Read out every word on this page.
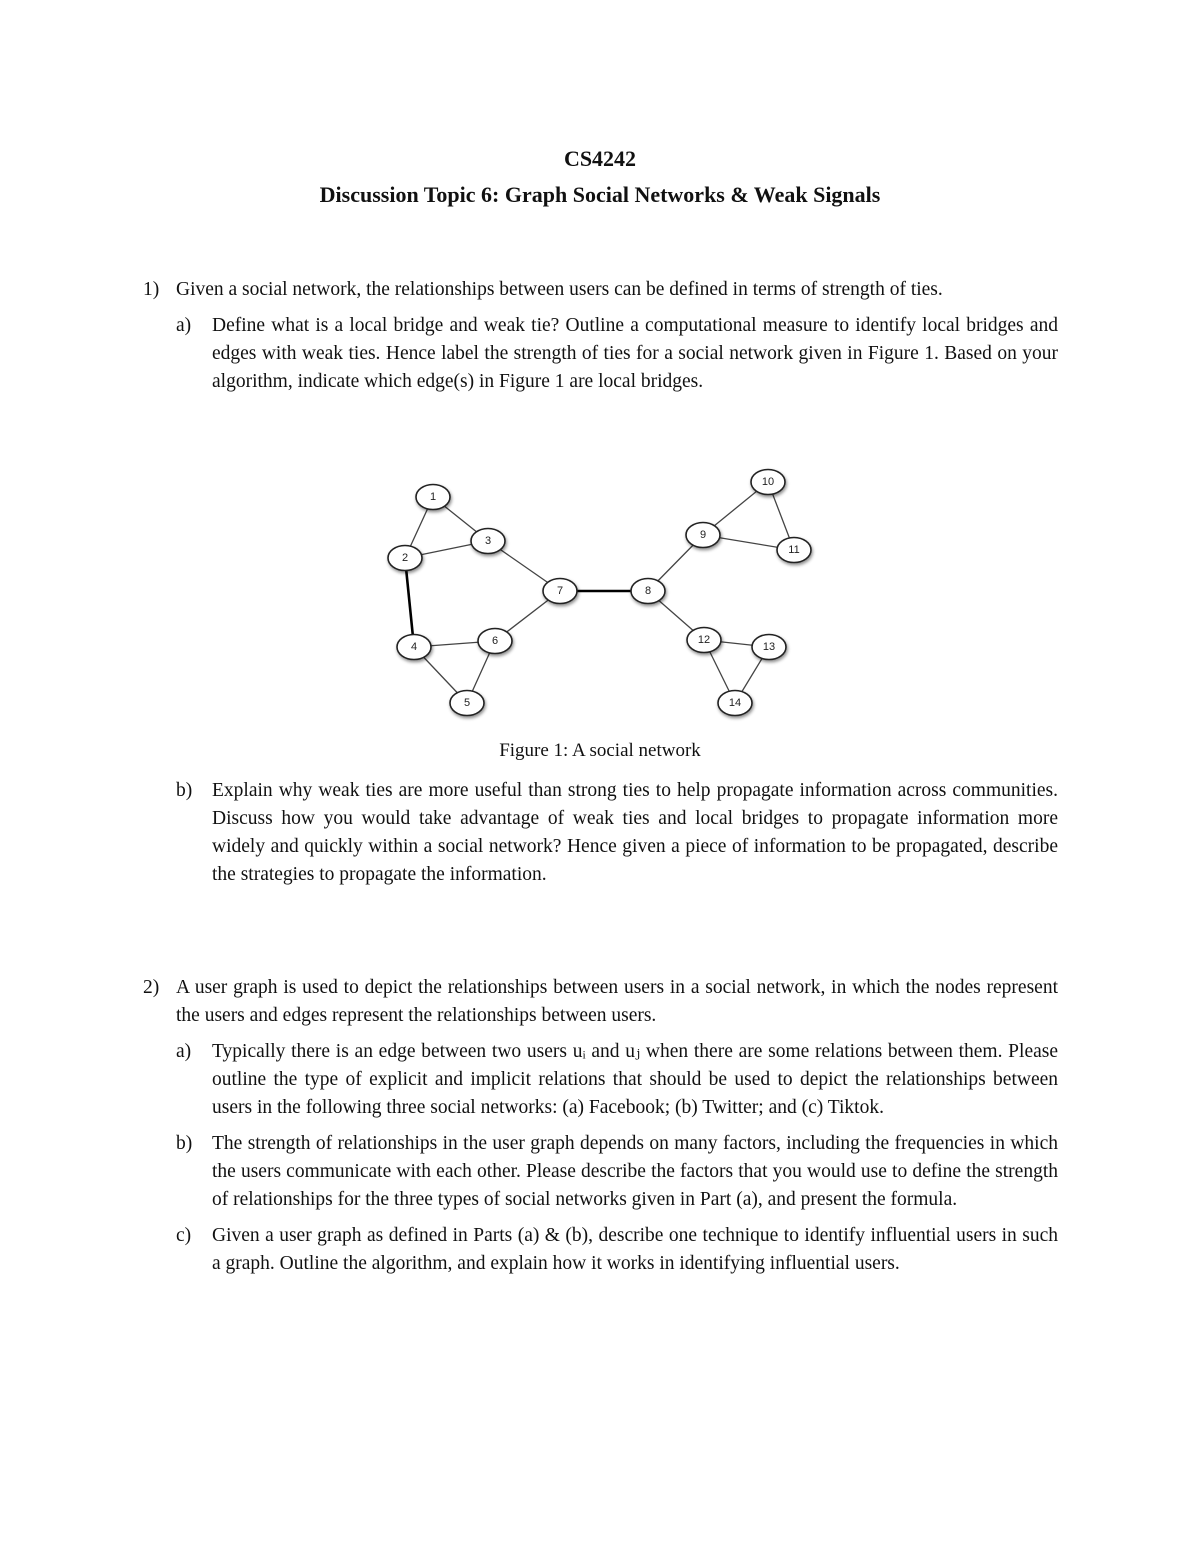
CS4242
Discussion Topic 6: Graph Social Networks & Weak Signals
1) Given a social network, the relationships between users can be defined in terms of strength of ties.
a) Define what is a local bridge and weak tie? Outline a computational measure to identify local bridges and edges with weak ties. Hence label the strength of ties for a social network given in Figure 1. Based on your algorithm, indicate which edge(s) in Figure 1 are local bridges.
1
2
3
4
5
6
7	8
9
10
11
12
13
14
Figure 1: A social network
b) Explain why weak ties are more useful than strong ties to help propagate information across communities. Discuss how you would take advantage of weak ties and local bridges to propagate information more widely and quickly within a social network? Hence given a piece of information to be propagated, describe the strategies to propagate the information.
2) A user graph is used to depict the relationships between users in a social network, in which the nodes represent the users and edges represent the relationships between users.
a) Typically there is an edge between two users uᵢ and uⱼ when there are some relations between them. Please outline the type of explicit and implicit relations that should be used to depict the relationships between users in the following three social networks: (a) Facebook; (b) Twitter; and (c) Tiktok.
b) The strength of relationships in the user graph depends on many factors, including the frequencies in which the users communicate with each other. Please describe the factors that you would use to define the strength of relationships for the three types of social networks given in Part (a), and present the formula.
c) Given a user graph as defined in Parts (a) & (b), describe one technique to identify influential users in such a graph. Outline the algorithm, and explain how it works in identifying influential users.
